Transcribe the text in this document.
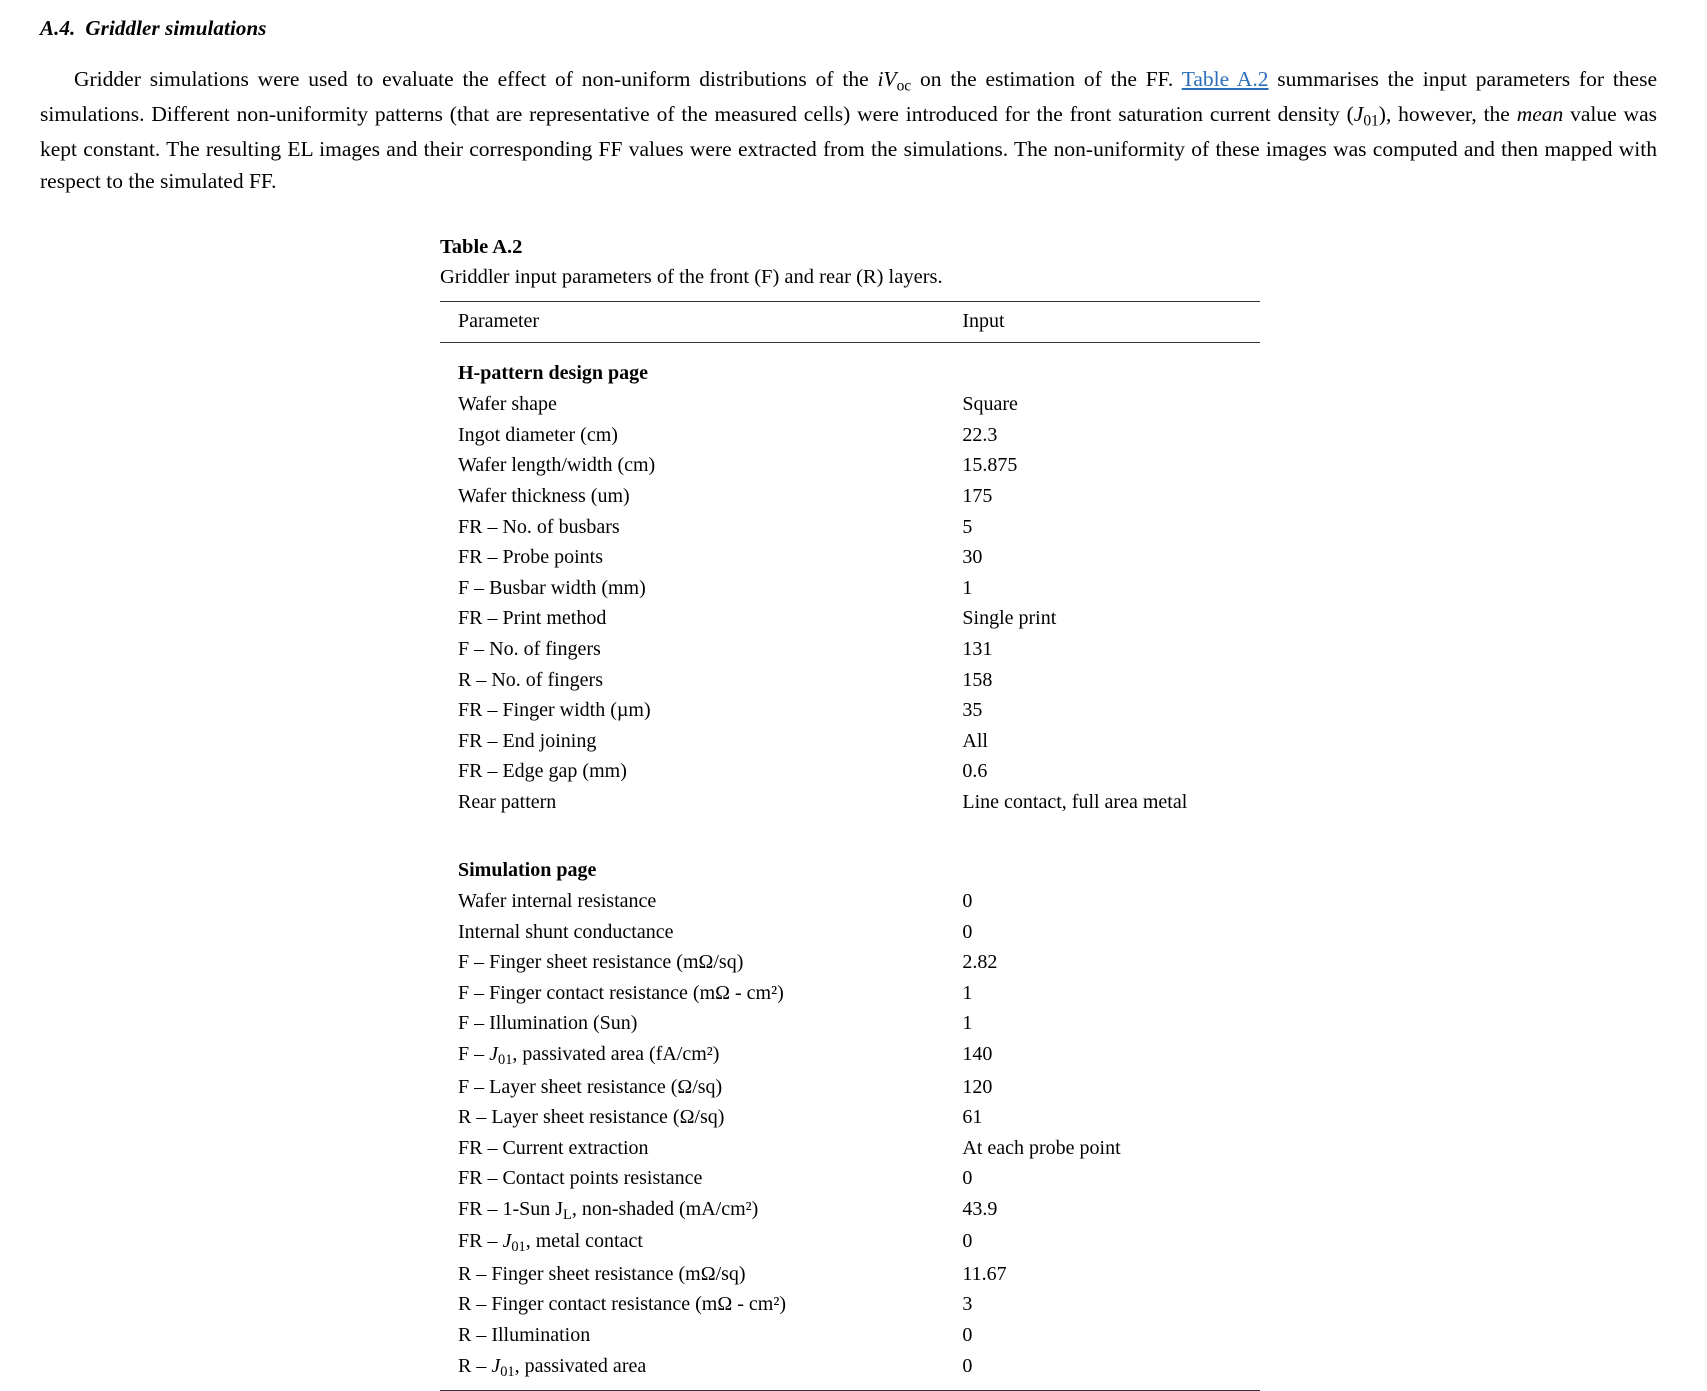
A.4. Griddler simulations

Gridder simulations were used to evaluate the effect of non-uniform distributions of the $iV_{oc}$ on the estimation of the FF. Table A.2 summarises the input parameters for these simulations. Different non-uniformity patterns (that are representative of the measured cells) were introduced for the front saturation current density $(J_{01})$, however, the mean value was kept constant. The resulting EL images and their corresponding FF values were extracted from the simulations. The non-uniformity of these images was computed and then mapped with respect to the simulated FF.

Table A.2
Griddler input parameters of the front (F) and rear (R) layers.
Parameter	Input
H-pattern design page	
Wafer shape	Square
Ingot diameter (cm)	22.3
Wafer length/width (cm)	15.875
Wafer thickness (um)	175
FR – No. of busbars	5
FR – Probe points	30
F – Busbar width (mm)	1
FR – Print method	Single print
F – No. of fingers	131
R – No. of fingers	158
FR – Finger width (µm)	35
FR – End joining	All
FR – Edge gap (mm)	0.6
Rear pattern	Line contact, full area metal

Simulation page	
Wafer internal resistance	0
Internal shunt conductance	0
F – Finger sheet resistance (mΩ/sq)	2.82
F – Finger contact resistance (mΩ - cm²)	1
F – Illumination (Sun)	1
F – $J_{01}$, passivated area (fA/cm²)	140
F – Layer sheet resistance (Ω/sq)	120
R – Layer sheet resistance (Ω/sq)	61
FR – Current extraction	At each probe point
FR – Contact points resistance	0
FR – 1-Sun $J_L$, non-shaded (mA/cm²)	43.9
FR – $J_{01}$, metal contact	0
R – Finger sheet resistance (mΩ/sq)	11.67
R – Finger contact resistance (mΩ - cm²)	3
R – Illumination	0
R – $J_{01}$, passivated area	0
